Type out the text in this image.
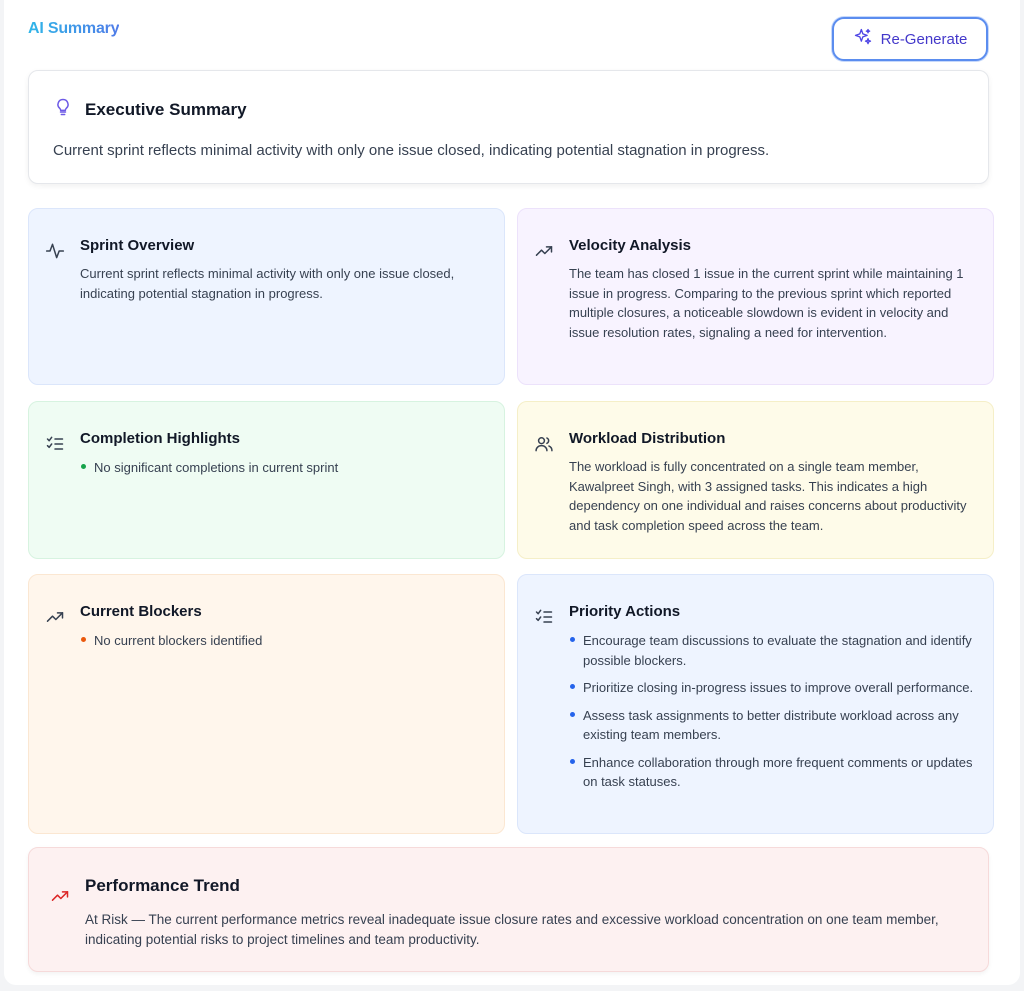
AI Summary
Re-Generate
Executive Summary
Current sprint reflects minimal activity with only one issue closed, indicating potential stagnation in progress.
Sprint Overview
Current sprint reflects minimal activity with only one issue closed, indicating potential stagnation in progress.
Velocity Analysis
The team has closed 1 issue in the current sprint while maintaining 1 issue in progress. Comparing to the previous sprint which reported multiple closures, a noticeable slowdown is evident in velocity and issue resolution rates, signaling a need for intervention.
Completion Highlights
No significant completions in current sprint
Workload Distribution
The workload is fully concentrated on a single team member, Kawalpreet Singh, with 3 assigned tasks. This indicates a high dependency on one individual and raises concerns about productivity and task completion speed across the team.
Current Blockers
No current blockers identified
Priority Actions
Encourage team discussions to evaluate the stagnation and identify possible blockers.
Prioritize closing in-progress issues to improve overall performance.
Assess task assignments to better distribute workload across any existing team members.
Enhance collaboration through more frequent comments or updates on task statuses.
Performance Trend
At Risk — The current performance metrics reveal inadequate issue closure rates and excessive workload concentration on one team member, indicating potential risks to project timelines and team productivity.
